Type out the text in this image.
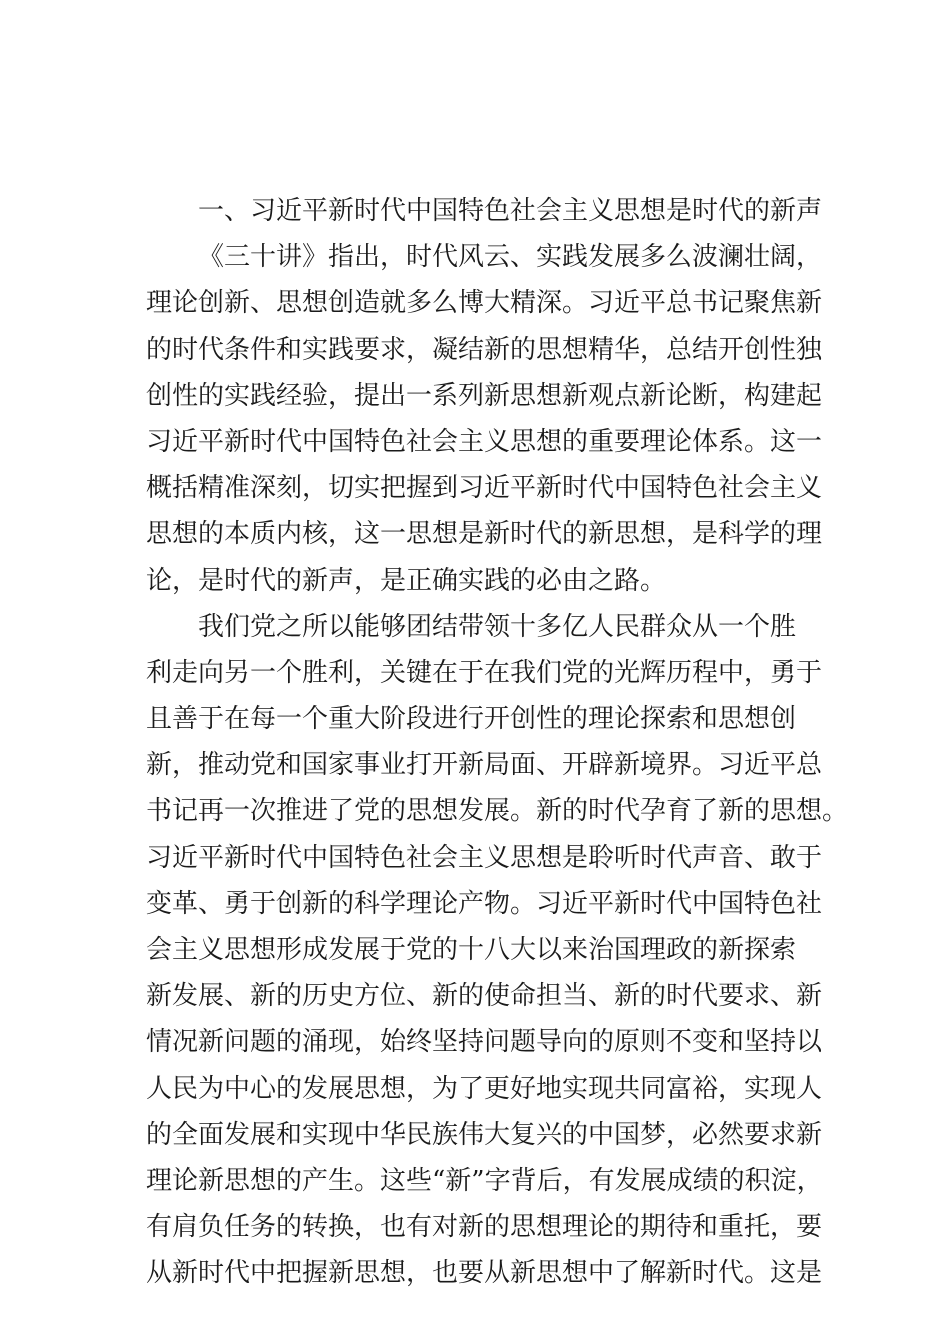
一、习近平新时代中国特色社会主义思想是时代的新声
《三十讲》指出，时代风云、实践发展多么波澜壮阔，
理论创新、思想创造就多么博大精深。习近平总书记聚焦新
的时代条件和实践要求，凝结新的思想精华，总结开创性独
创性的实践经验，提出一系列新思想新观点新论断，构建起
习近平新时代中国特色社会主义思想的重要理论体系。这一
概括精准深刻，切实把握到习近平新时代中国特色社会主义
思想的本质内核，这一思想是新时代的新思想，是科学的理
论，是时代的新声，是正确实践的必由之路。
我们党之所以能够团结带领十多亿人民群众从一个胜
利走向另一个胜利，关键在于在我们党的光辉历程中，勇于
且善于在每一个重大阶段进行开创性的理论探索和思想创
新，推动党和国家事业打开新局面、开辟新境界。习近平总
书记再一次推进了党的思想发展。新的时代孕育了新的思想。
习近平新时代中国特色社会主义思想是聆听时代声音、敢于
变革、勇于创新的科学理论产物。习近平新时代中国特色社
会主义思想形成发展于党的十八大以来治国理政的新探索
新发展、新的历史方位、新的使命担当、新的时代要求、新
情况新问题的涌现，始终坚持问题导向的原则不变和坚持以
人民为中心的发展思想，为了更好地实现共同富裕，实现人
的全面发展和实现中华民族伟大复兴的中国梦，必然要求新
理论新思想的产生。这些“新”字背后，有发展成绩的积淀，
有肩负任务的转换，也有对新的思想理论的期待和重托，要
从新时代中把握新思想，也要从新思想中了解新时代。这是
